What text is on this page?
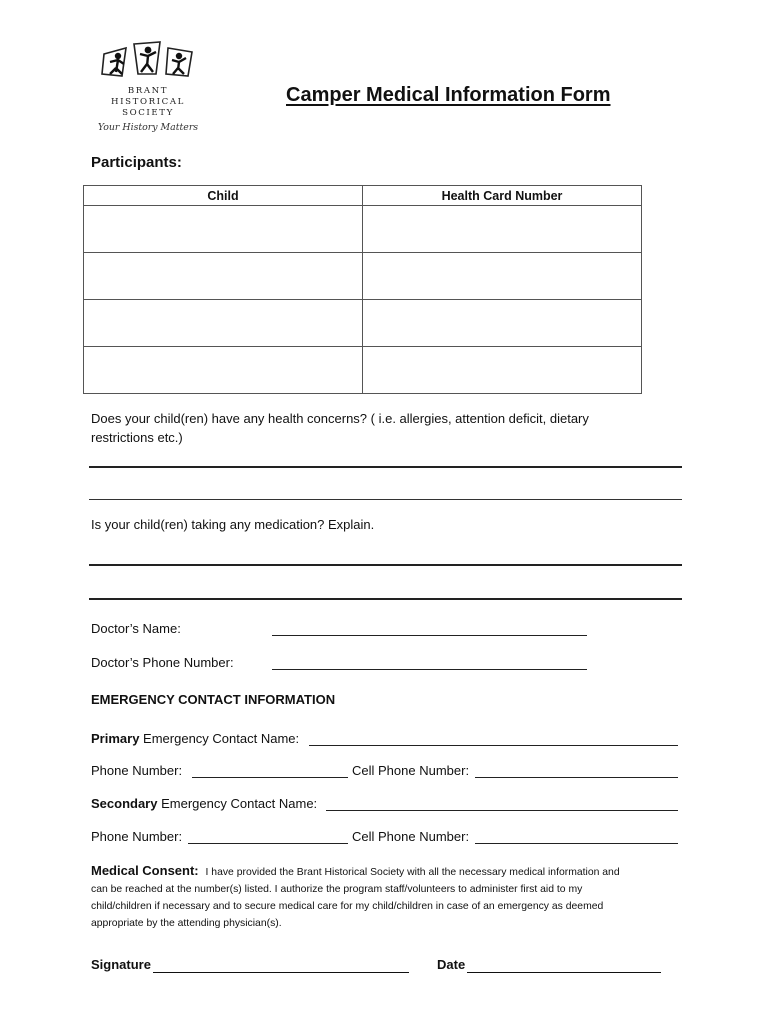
BRANT
HISTORICAL
SOCIETY
Your History Matters
Camper Medical Information Form
Participants:
Child	Health Card Number

Does your child(ren) have any health concerns? ( i.e. allergies, attention deficit, dietary
restrictions etc.)
Is your child(ren) taking any medication? Explain.
Doctor’s Name:
Doctor’s Phone Number:
EMERGENCY CONTACT INFORMATION
Primary Emergency Contact Name:
Phone Number:	Cell Phone Number:
Secondary Emergency Contact Name:
Phone Number:	Cell Phone Number:
Medical Consent: I have provided the Brant Historical Society with all the necessary medical information and
can be reached at the number(s) listed. I authorize the program staff/volunteers to administer first aid to my
child/children if necessary and to secure medical care for my child/children in case of an emergency as deemed
appropriate by the attending physician(s).
Signature	Date
